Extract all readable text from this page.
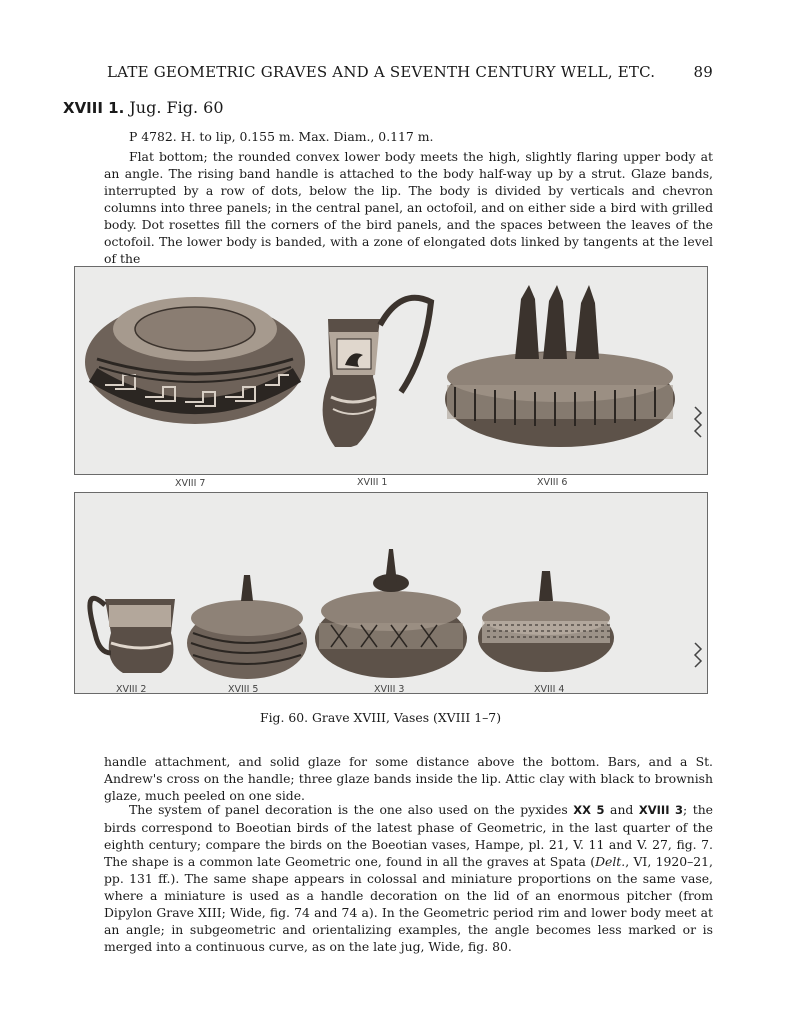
LATE GEOMETRIC GRAVES AND A SEVENTH CENTURY WELL, ETC.	89
XVIII 1. Jug. Fig. 60
P 4782. H. to lip, 0.155 m. Max. Diam., 0.117 m.
Flat bottom; the rounded convex lower body meets the high, slightly flaring upper body at an angle. The rising band handle is attached to the body half-way up by a strut. Glaze bands, interrupted by a row of dots, below the lip. The body is divided by verticals and chevron columns into three panels; in the central panel, an octofoil, and on either side a bird with grilled body. Dot rosettes fill the corners of the bird panels, and the spaces between the leaves of the octofoil. The lower body is banded, with a zone of elongated dots linked by tangents at the level of the
XVIII 7	XVIII 1	XVIII 6
XVIII 2	XVIII 5	XVIII 3	XVIII 4
Fig. 60. Grave XVIII, Vases (XVIII 1–7)
handle attachment, and solid glaze for some distance above the bottom. Bars, and a St. Andrew's cross on the handle; three glaze bands inside the lip. Attic clay with black to brownish glaze, much peeled on one side.
The system of panel decoration is the one also used on the pyxides XX 5 and XVIII 3; the birds correspond to Boeotian birds of the latest phase of Geometric, in the last quarter of the eighth century; compare the birds on the Boeotian vases, Hampe, pl. 21, V. 11 and V. 27, fig. 7. The shape is a common late Geometric one, found in all the graves at Spata (Delt., VI, 1920–21, pp. 131 ff.). The same shape appears in colossal and miniature proportions on the same vase, where a miniature is used as a handle decoration on the lid of an enormous pitcher (from Dipylon Grave XIII; Wide, fig. 74 and 74 a). In the Geometric period rim and lower body meet at an angle; in subgeometric and orientalizing examples, the angle becomes less marked or is merged into a continuous curve, as on the late jug, Wide, fig. 80.
